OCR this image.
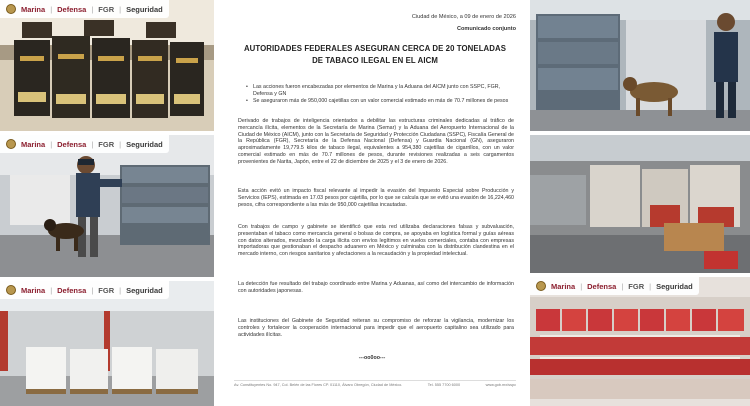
Marina | Defensa | FGR | Seguridad
Marina | Defensa | FGR | Seguridad
Marina | Defensa | FGR | Seguridad
Ciudad de México, a 09 de enero de 2026
Comunicado conjunto
AUTORIDADES FEDERALES ASEGURAN CERCA DE 20 TONELADAS DE TABACO ILEGAL EN EL AICM
• Las acciones fueron encabezadas por elementos de Marina y la Aduana del AICM junto con SSPC, FGR, Defensa y GN
• Se aseguraron más de 950,000 cajetillas con un valor comercial estimado en más de 70.7 millones de pesos

Derivado de trabajos de inteligencia orientados a debilitar las estructuras criminales dedicadas al tráfico de mercancía ilícita, elementos de la Secretaría de Marina (Semar) y la Aduana del Aeropuerto Internacional de la Ciudad de México (AICM), junto con la Secretaría de Seguridad y Protección Ciudadana (SSPC), Fiscalía General de la República (FGR), Secretaría de la Defensa Nacional (Defensa) y Guardia Nacional (GN), aseguraron aproximadamente 19,779.5 kilos de tabaco ilegal, equivalentes a 954,380 cajetillas de cigarrillos, con un valor comercial estimado en más de 70.7 millones de pesos, durante revisiones realizadas a seis cargamentos provenientes de Narita, Japón, entre el 22 de diciembre de 2025 y el 3 de enero de 2026.

Esta acción evitó un impacto fiscal relevante al impedir la evasión del Impuesto Especial sobre Producción y Servicios (IEPS), estimada en 17.03 pesos por cajetilla, por lo que se calcula que se evitó una evasión de 16,224,460 pesos, cifra correspondiente a las más de 950,000 cajetillas incautadas.

Con trabajos de campo y gabinete se identificó que esta red utilizaba declaraciones falsas y subvaluación, presentaban el tabaco como mercancía general o bolsas de compra, se apoyaba en logística formal y guías aéreas con datos alterados, mezclando la carga ilícita con envíos legítimos en vuelos comerciales, contaba con empresas importadoras que gestionaban el despacho aduanero en México y culminaba con la distribución clandestina en el mercado interno, con riesgos sanitarios y afectaciones a la recaudación y la propiedad intelectual.

La detección fue resultado del trabajo coordinado entre Marina y Aduanas, así como del intercambio de información con autoridades japonesas.

Las instituciones del Gabinete de Seguridad reiteran su compromiso de reforzar la vigilancia, modernizar los controles y fortalecer la cooperación internacional para impedir que el aeropuerto capitalino sea utilizado para actividades ilícitas.

---oo0oo---
Av. Constituyentes No. 947, Col. Belén de las Flores CP. 01110, Álvaro Obregón, Ciudad de México.	Tel. 555 7700 6000	www.gob.mx/sspc
Marina | Defensa | FGR | Seguridad
